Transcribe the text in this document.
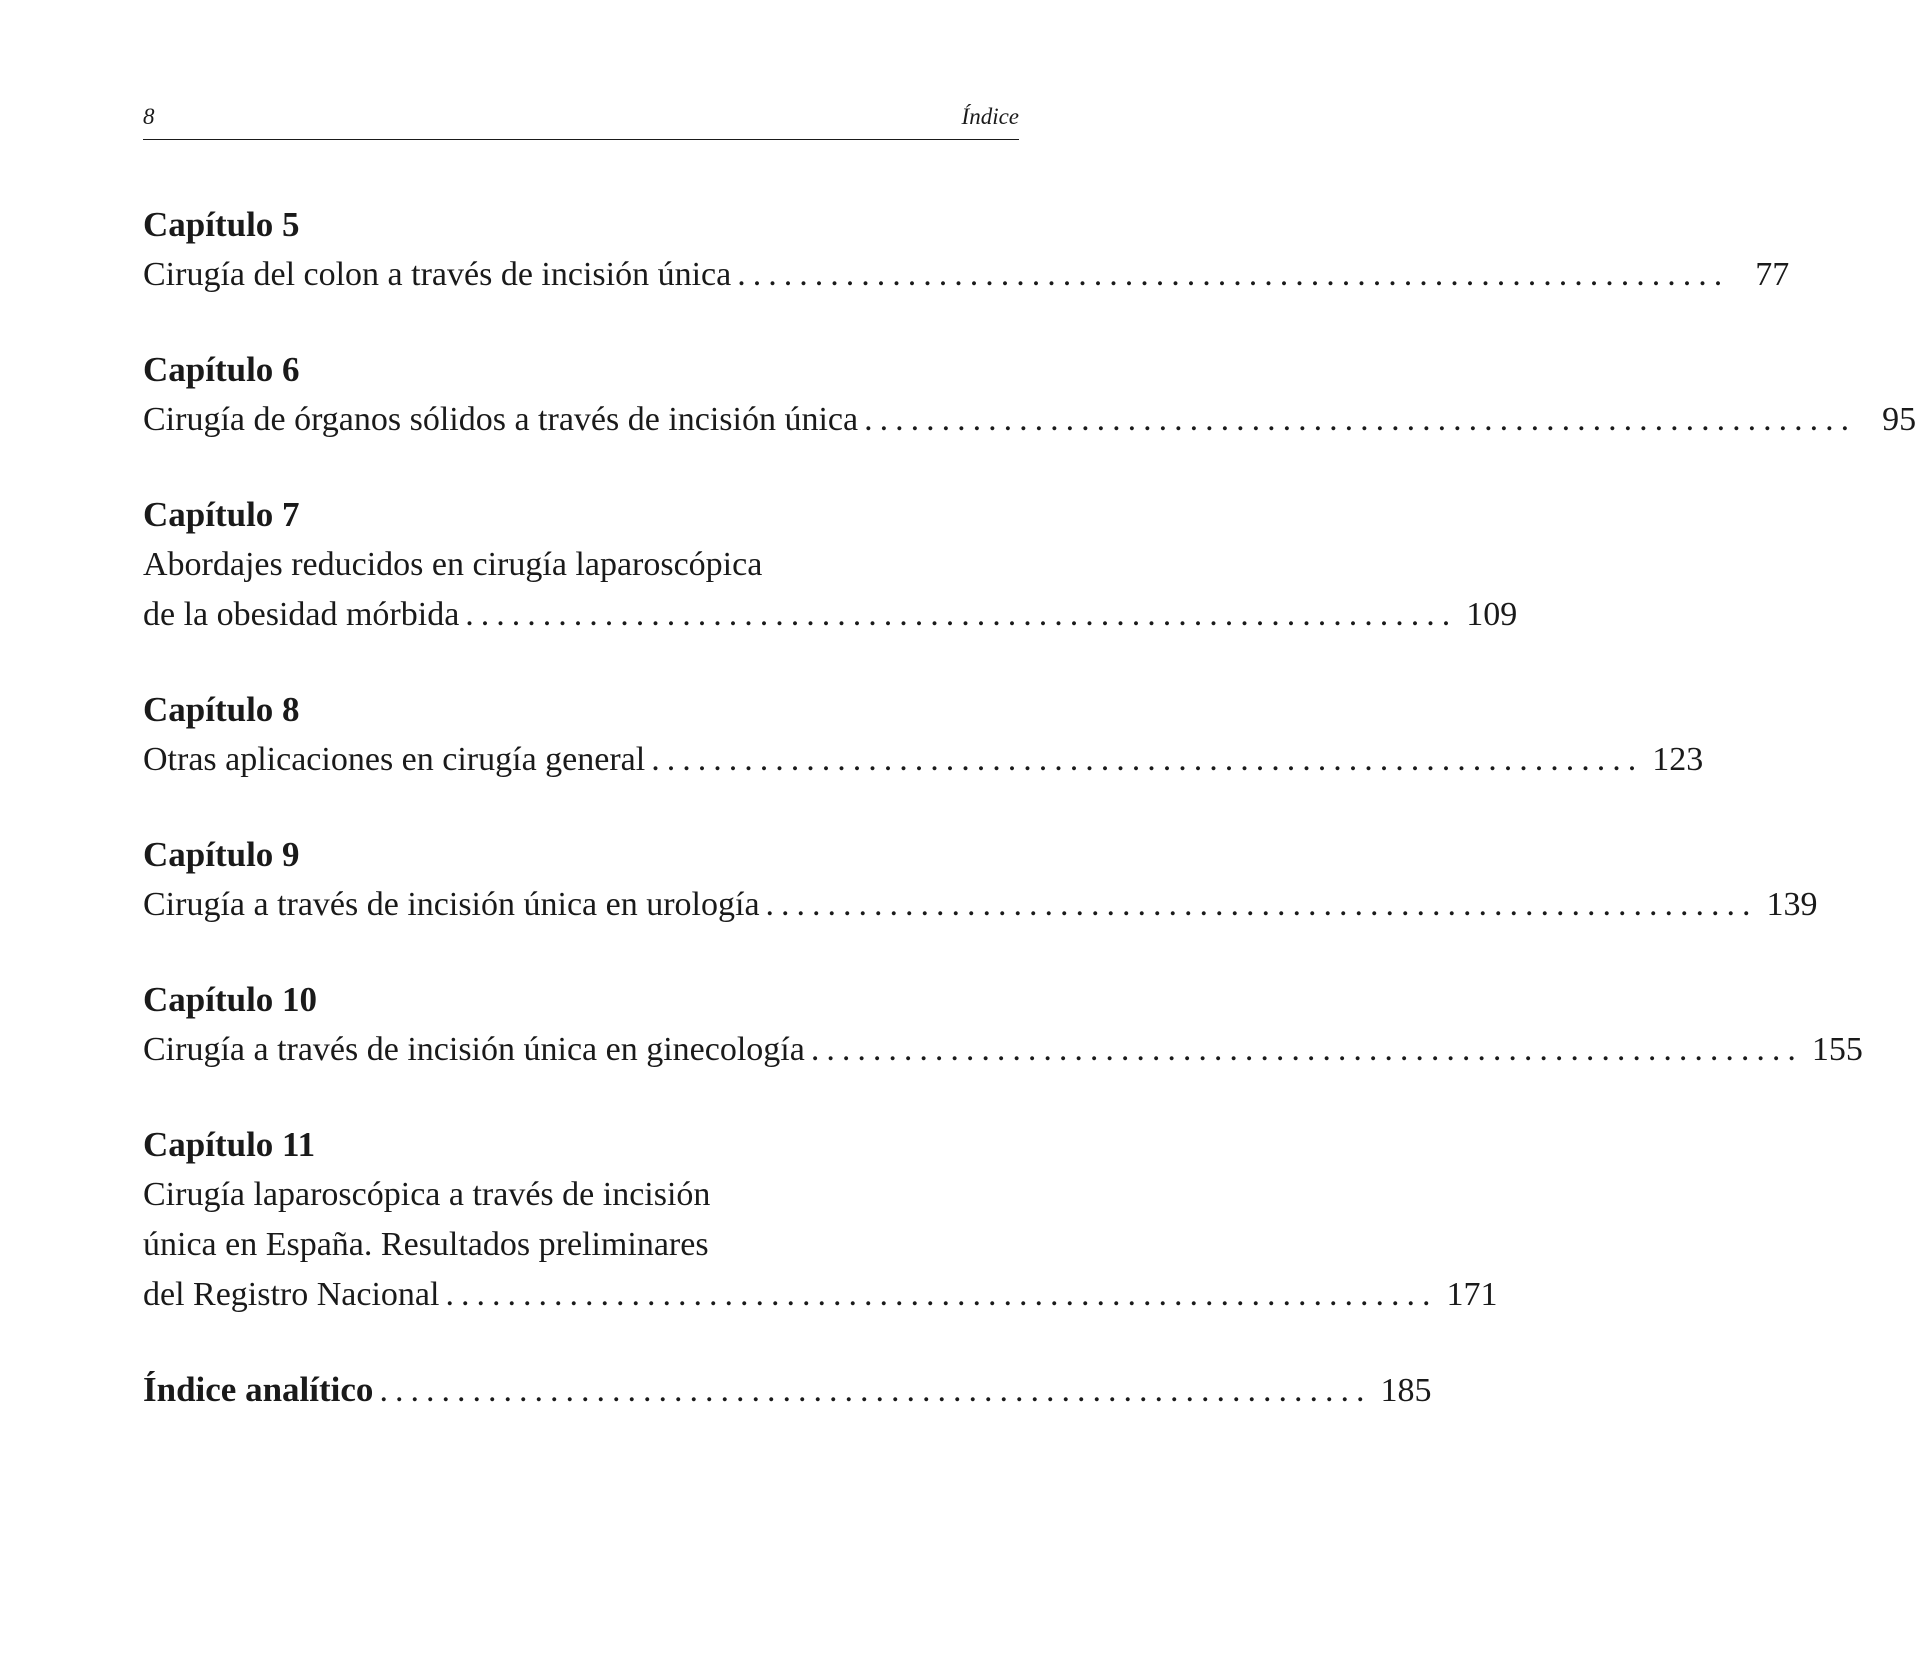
8	Índice
Capítulo 5
Cirugía del colon a través de incisión única ................................................................ 77
Capítulo 6
Cirugía de órganos sólidos a través de incisión única ................................................................ 95
Capítulo 7
Abordajes reducidos en cirugía laparoscópica
de la obesidad mórbida ................................................................ 109
Capítulo 8
Otras aplicaciones en cirugía general ................................................................ 123
Capítulo 9
Cirugía a través de incisión única en urología ................................................................ 139
Capítulo 10
Cirugía a través de incisión única en ginecología ................................................................ 155
Capítulo 11
Cirugía laparoscópica a través de incisión
única en España. Resultados preliminares
del Registro Nacional ................................................................ 171
Índice analítico ................................................................ 185
